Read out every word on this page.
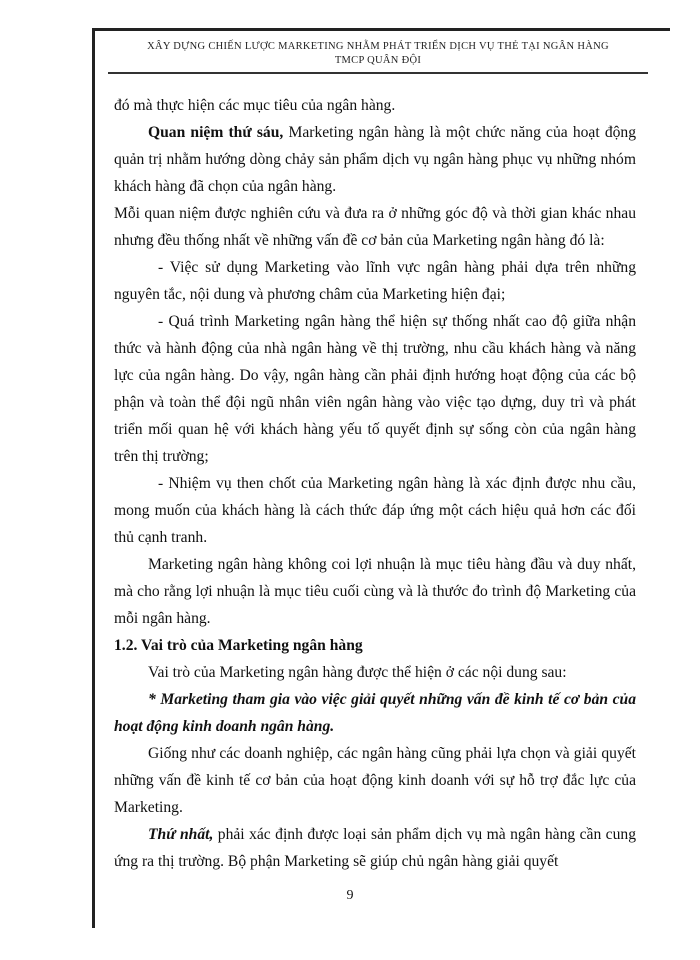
XÂY DỰNG CHIẾN LƯỢC MARKETING NHẰM PHÁT TRIỂN DỊCH VỤ THẺ TẠI NGÂN HÀNG
TMCP QUÂN ĐỘI

đó mà thực hiện các mục tiêu của ngân hàng.

Quan niệm thứ sáu, Marketing ngân hàng là một chức năng của hoạt động quản trị nhằm hướng dòng chảy sản phẩm dịch vụ ngân hàng phục vụ những nhóm khách hàng đã chọn của ngân hàng.

Mỗi quan niệm được nghiên cứu và đưa ra ở những góc độ và thời gian khác nhau nhưng đều thống nhất về những vấn đề cơ bản của Marketing ngân hàng đó là:

- Việc sử dụng Marketing vào lĩnh vực ngân hàng phải dựa trên những nguyên tắc, nội dung và phương châm của Marketing hiện đại;

- Quá trình Marketing ngân hàng thể hiện sự thống nhất cao độ giữa nhận thức và hành động của nhà ngân hàng về thị trường, nhu cầu khách hàng và năng lực của ngân hàng. Do vậy, ngân hàng cần phải định hướng hoạt động của các bộ phận và toàn thể đội ngũ nhân viên ngân hàng vào việc tạo dựng, duy trì và phát triển mối quan hệ với khách hàng yếu tố quyết định sự sống còn của ngân hàng trên thị trường;

- Nhiệm vụ then chốt của Marketing ngân hàng là xác định được nhu cầu, mong muốn của khách hàng là cách thức đáp ứng một cách hiệu quả hơn các đối thủ cạnh tranh.

Marketing ngân hàng không coi lợi nhuận là mục tiêu hàng đầu và duy nhất, mà cho rằng lợi nhuận là mục tiêu cuối cùng và là thước đo trình độ Marketing của mỗi ngân hàng.

1.2. Vai trò của Marketing ngân hàng

Vai trò của Marketing ngân hàng được thể hiện ở các nội dung sau:

* Marketing tham gia vào việc giải quyết những vấn đề kinh tế cơ bản của hoạt động kinh doanh ngân hàng.

Giống như các doanh nghiệp, các ngân hàng cũng phải lựa chọn và giải quyết những vấn đề kinh tế cơ bản của hoạt động kinh doanh với sự hỗ trợ đắc lực của Marketing.

Thứ nhất, phải xác định được loại sản phẩm dịch vụ mà ngân hàng cần cung ứng ra thị trường. Bộ phận Marketing sẽ giúp chủ ngân hàng giải quyết

9
